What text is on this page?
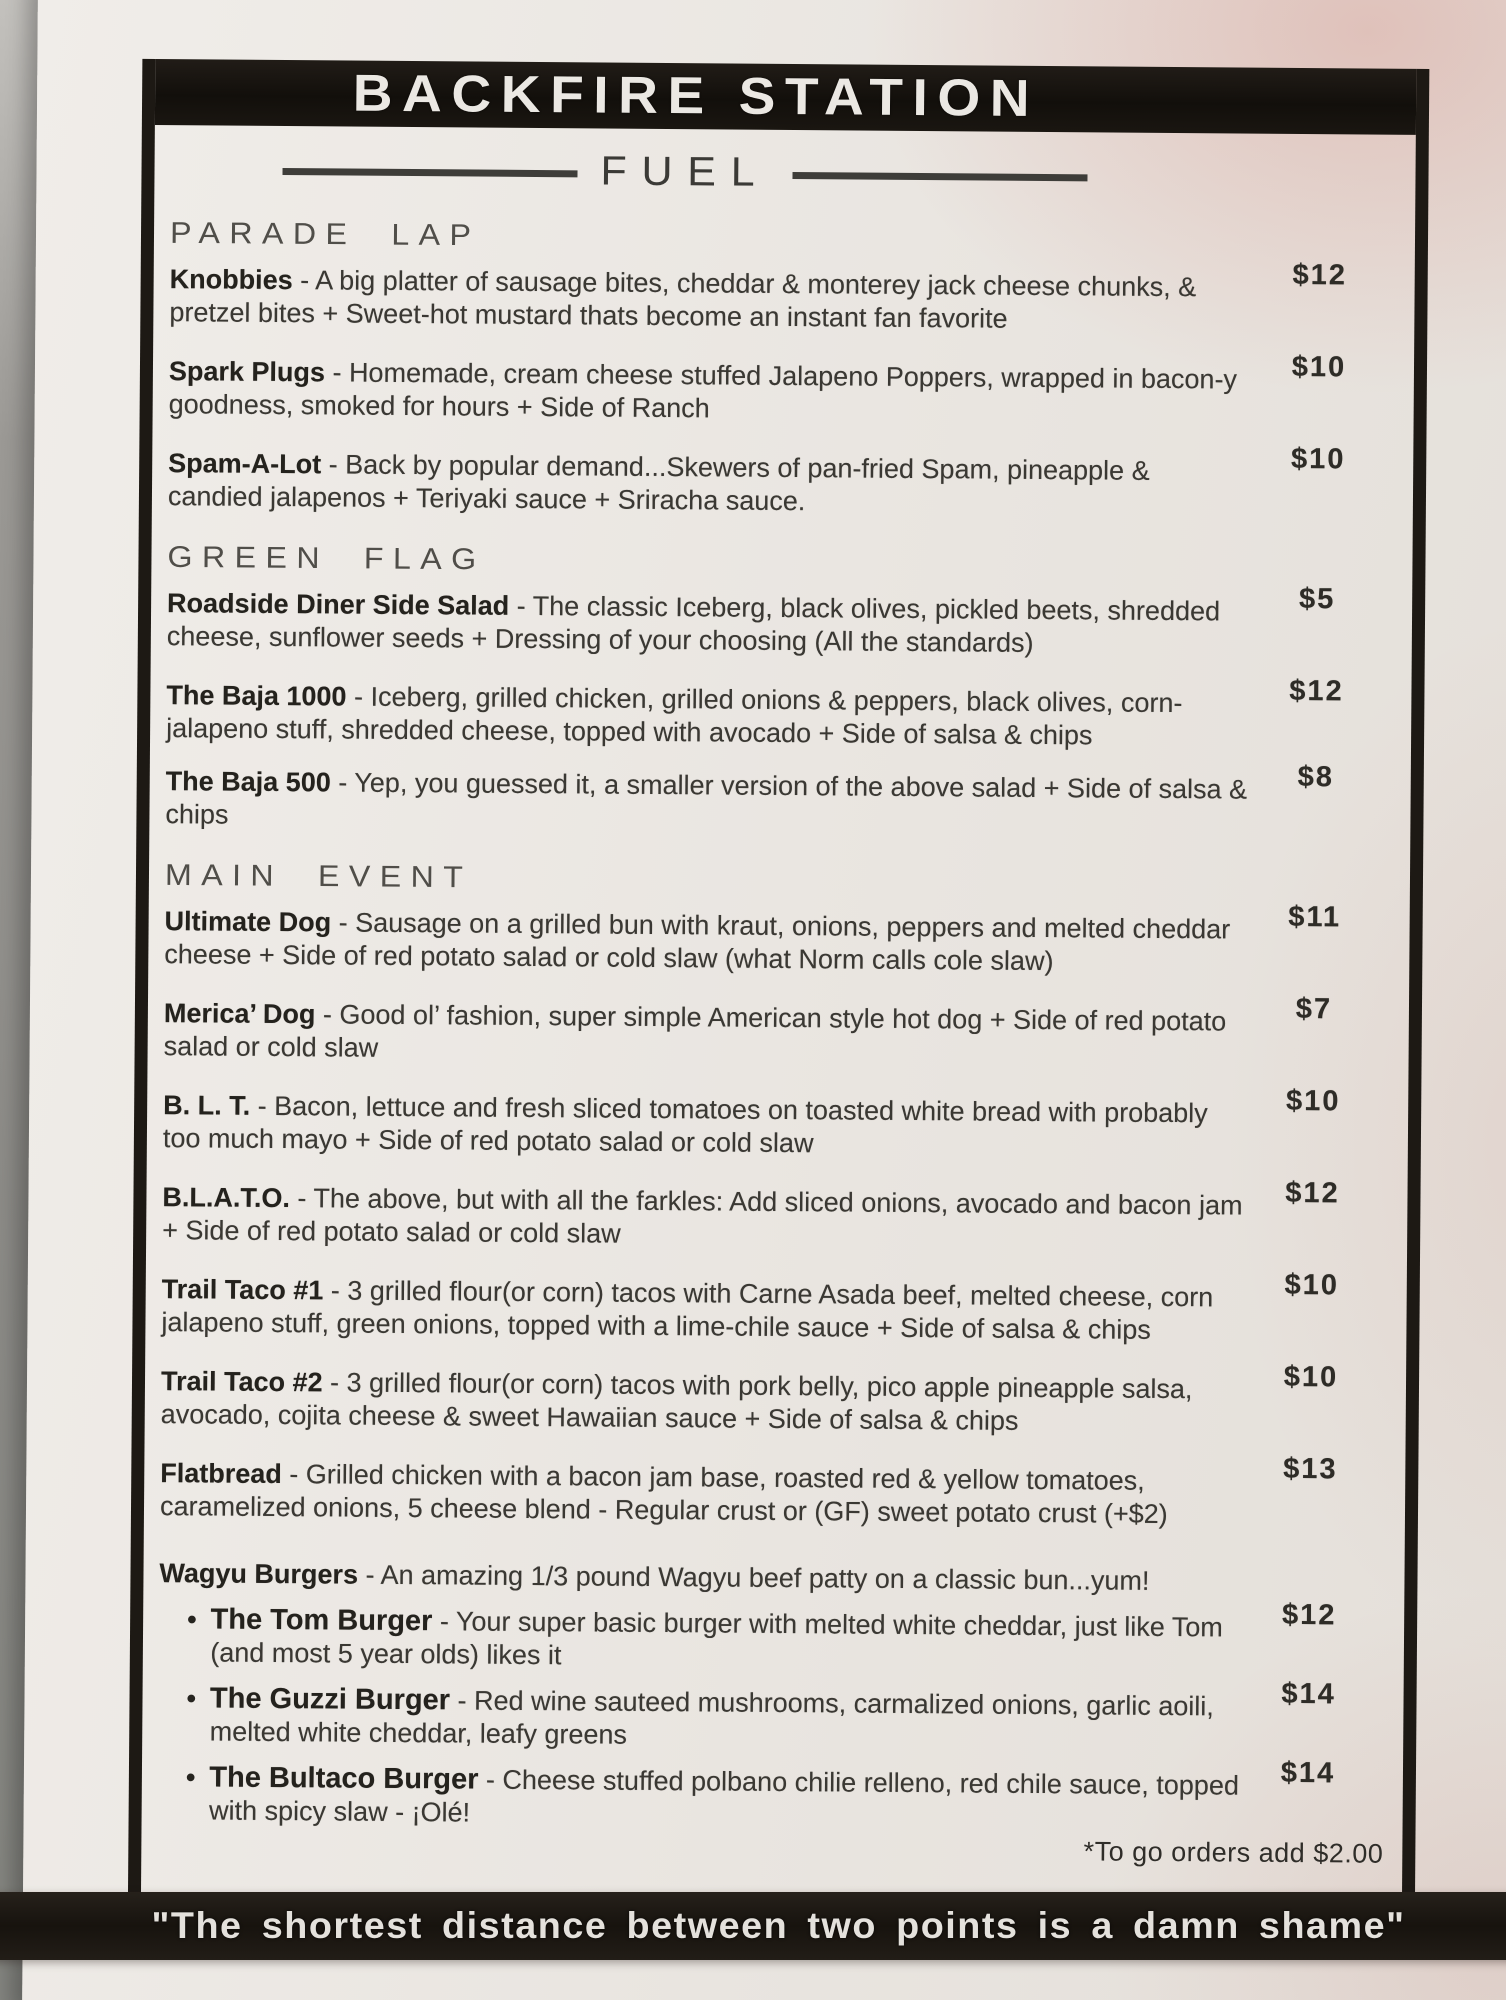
BACKFIRE STATION
FUEL
PARADE LAP

Knobbies - A big platter of sausage bites, cheddar & monterey jack cheese chunks, & pretzel bites + Sweet-hot mustard thats become an instant fan favorite

$12

Spark Plugs - Homemade, cream cheese stuffed Jalapeno Poppers, wrapped in bacon-y goodness, smoked for hours + Side of Ranch

$10

Spam-A-Lot - Back by popular demand...Skewers of pan-fried Spam, pineapple & candied jalapenos + Teriyaki sauce + Sriracha sauce.

$10
GREEN FLAG

Roadside Diner Side Salad - The classic Iceberg, black olives, pickled beets, shredded cheese, sunflower seeds + Dressing of your choosing (All the standards)

$5

The Baja 1000 - Iceberg, grilled chicken, grilled onions & peppers, black olives, corn-jalapeno stuff, shredded cheese, topped with avocado + Side of salsa & chips

$12

The Baja 500 - Yep, you guessed it, a smaller version of the above salad + Side of salsa & chips

$8
MAIN EVENT

Ultimate Dog - Sausage on a grilled bun with kraut, onions, peppers and melted cheddar cheese + Side of red potato salad or cold slaw (what Norm calls cole slaw)

$11

Merica’ Dog - Good ol’ fashion, super simple American style hot dog + Side of red potato salad or cold slaw

$7

B. L. T. - Bacon, lettuce and fresh sliced tomatoes on toasted white bread with probably too much mayo + Side of red potato salad or cold slaw

$10

B.L.A.T.O. - The above, but with all the farkles: Add sliced onions, avocado and bacon jam + Side of red potato salad or cold slaw

$12

Trail Taco #1 - 3 grilled flour(or corn) tacos with Carne Asada beef, melted cheese, corn jalapeno stuff, green onions, topped with a lime-chile sauce + Side of salsa & chips

$10

Trail Taco #2 - 3 grilled flour(or corn) tacos with pork belly, pico apple pineapple salsa, avocado, cojita cheese & sweet Hawaiian sauce + Side of salsa & chips

$10

Flatbread - Grilled chicken with a bacon jam base, roasted red & yellow tomatoes, caramelized onions, 5 cheese blend - Regular crust or (GF) sweet potato crust (+$2)

$13

Wagyu Burgers - An amazing 1/3 pound Wagyu beef patty on a classic bun...yum!

• The Tom Burger - Your super basic burger with melted white cheddar, just like Tom (and most 5 year olds) likes it

$12
• The Guzzi Burger - Red wine sauteed mushrooms, carmalized onions, garlic aoili, melted white cheddar, leafy greens

$14
• The Bultaco Burger - Cheese stuffed polbano chilie relleno, red chile sauce, topped with spicy slaw - ¡Olé!

$14
*To go orders add $2.00
"The shortest distance between two points is a damn shame"
